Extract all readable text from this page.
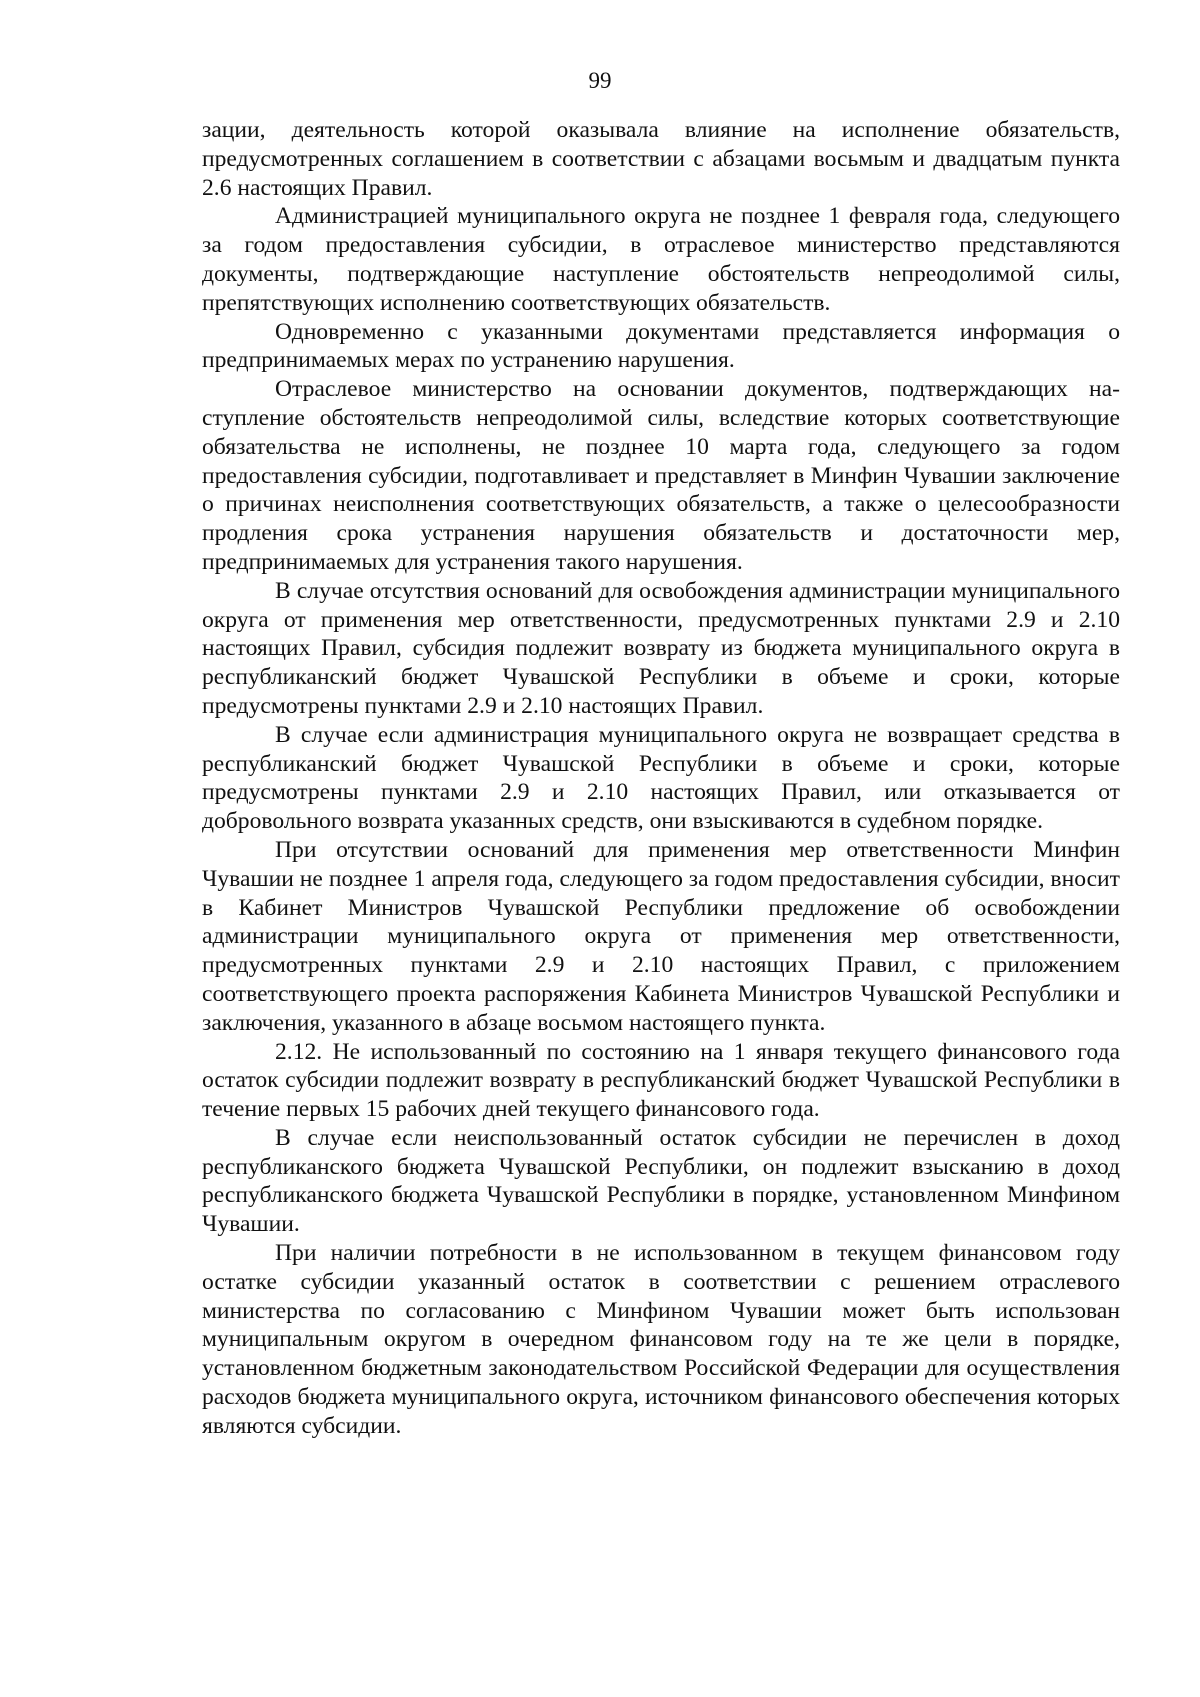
99

зации, деятельность которой оказывала влияние на исполнение обязательств, предусмотренных соглашением в соответствии с абзацами восьмым и двадцатым пункта 2.6 настоящих Правил.

Администрацией муниципального округа не позднее 1 февраля года, следующего за годом предоставления субсидии, в отраслевое министерство представляются документы, подтверждающие наступление обстоятельств непреодолимой силы, препятствующих исполнению соответствующих обязательств.

Одновременно с указанными документами представляется информация о предпринимаемых мерах по устранению нарушения.

Отраслевое министерство на основании документов, подтверждающих наступление обстоятельств непреодолимой силы, вследствие которых соответствующие обязательства не исполнены, не позднее 10 марта года, следующего за годом предоставления субсидии, подготавливает и представляет в Минфин Чувашии заключение о причинах неисполнения соответствующих обязательств, а также о целесообразности продления срока устранения нарушения обязательств и достаточности мер, предпринимаемых для устранения такого нарушения.

В случае отсутствия оснований для освобождения администрации муниципального округа от применения мер ответственности, предусмотренных пунктами 2.9 и 2.10 настоящих Правил, субсидия подлежит возврату из бюджета муниципального округа в республиканский бюджет Чувашской Республики в объеме и сроки, которые предусмотрены пунктами 2.9 и 2.10 настоящих Правил.

В случае если администрация муниципального округа не возвращает средства в республиканский бюджет Чувашской Республики в объеме и сроки, которые предусмотрены пунктами 2.9 и 2.10 настоящих Правил, или отказывается от добровольного возврата указанных средств, они взыскиваются в судебном порядке.

При отсутствии оснований для применения мер ответственности Минфин Чувашии не позднее 1 апреля года, следующего за годом предоставления субсидии, вносит в Кабинет Министров Чувашской Республики предложение об освобождении администрации муниципального округа от применения мер ответственности, предусмотренных пунктами 2.9 и 2.10 настоящих Правил, с приложением соответствующего проекта распоряжения Кабинета Министров Чувашской Республики и заключения, указанного в абзаце восьмом настоящего пункта.

2.12. Не использованный по состоянию на 1 января текущего финансового года остаток субсидии подлежит возврату в республиканский бюджет Чувашской Республики в течение первых 15 рабочих дней текущего финансового года.

В случае если неиспользованный остаток субсидии не перечислен в доход республиканского бюджета Чувашской Республики, он подлежит взысканию в доход республиканского бюджета Чувашской Республики в порядке, установленном Минфином Чувашии.

При наличии потребности в не использованном в текущем финансовом году остатке субсидии указанный остаток в соответствии с решением отраслевого министерства по согласованию с Минфином Чувашии может быть использован муниципальным округом в очередном финансовом году на те же цели в порядке, установленном бюджетным законодательством Российской Федерации для осуществления расходов бюджета муниципального округа, источником финансового обеспечения которых являются субсидии.
